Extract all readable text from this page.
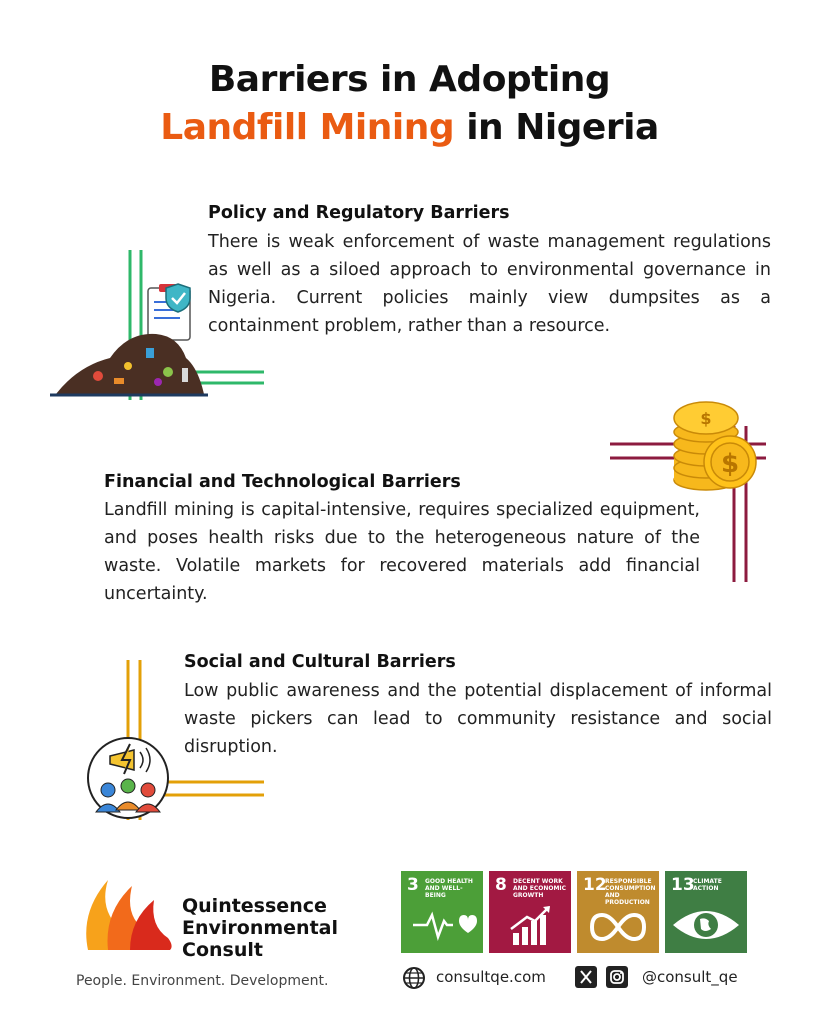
Barriers in Adopting
Landfill Mining in Nigeria
Policy and Regulatory Barriers

There is weak enforcement of waste management regulations as well as a siloed approach to environmental governance in Nigeria. Current policies mainly view dumpsites as a containment problem, rather than a resource.

$
$
Financial and Technological Barriers

Landfill mining is capital-intensive, requires specialized equipment, and poses health risks due to the heterogeneous nature of the waste. Volatile markets for recovered materials add financial uncertainty.

Social and Cultural Barriers

Low public awareness and the potential displacement of informal waste pickers can lead to community resistance and social disruption.

Quintessence
Environmental
Consult
People. Environment. Development.
3 GOOD HEALTH AND WELL-BEING
8 DECENT WORK AND ECONOMIC GROWTH
12
RESPONSIBLE CONSUMPTION AND PRODUCTION
13
CLIMATE ACTION
consultqe.com	@consult_qe
